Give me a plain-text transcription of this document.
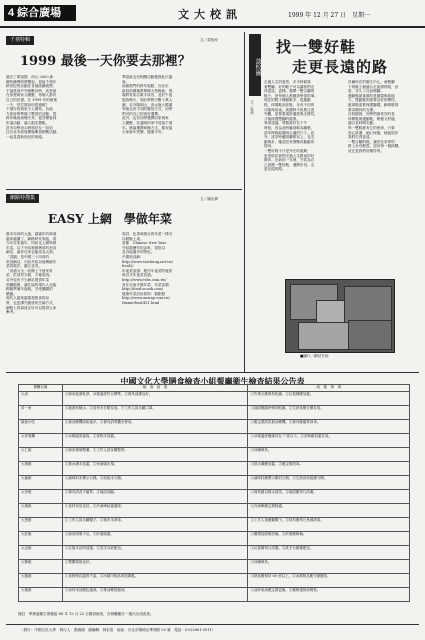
4 綜合廣場	文大校訊	1999 年 12 月 27 日　星期一
千禧特輯	文／黃怡玫
1999 最後一天你要去那裡？
過完了耶誕節，西元 2000 新
願的鐘聲即將響起，迎接千禧年
跨世紀的活動在各地陸續展開，
不論是到戶外倒數計時，或是留
在家裡與家人團聚，每個人都有
自己的計畫。在 1999 年的最後
一天，你打算如何度過呢？
千禧年的到來令人期待，各地
方政府都準備了豐富的活動，從
跨年晚會到煙火秀，從音樂會到
祈福活動，讓人眼花撩亂。
許多同學表示將與好友一同前
往台北市政府廣場參加倒數活動，
一起見證新世紀的來臨。
華語區也有相關活動邀我此次盛
會。
而最熱門的跨年地點，台北市
政府前廣場將舉辦大型晚會，現
場將有知名歌手演出，並於午夜
施放煙火，預計將吸引數十萬人
潮。另外陽明山、淡水漁人碼頭
等地也有不同的慶祝方式，同學
們可依自己的喜好選擇。
此外，也有同學選擇回家與家
人團聚，在溫暖的家中迎接千禧
年。無論選擇何種方式，都祝福
大家新年快樂，健康平安。
網路特搜集	文／謝弘偉
EASY 上網　學做年菜
歲末年終的大風，讓過年的味道
越來越濃了，網路時代來臨，看
今年在家過年，何妨也上網學做
年菜。以下介紹幾個實用的美食
網站，讓你在家也能成為大廚。
「香園」是中國三十四省的
美食網站，內容介紹各地傳統年
菜的做法，圖文並茂。
「食譜大全」收錄上千道家常
菜，依食材分類，方便查詢。
另外也有不少網站提供年菜
預購服務，讓忙碌的現代人也能
輕鬆準備年夜飯，享受團圓的
樂趣。
現代人越來越重視飲食的品
質，也更講究健康的烹調方式，
網路上的資訊正好可以提供大家
參考。
周詳，色香味俱全的年菜一樣可
以輕鬆上桌。
香節　Chinese New Year：
介紹農曆年的由來、習俗以
及各地過年的特色。
中國美食網：
http://www.taichung.net.tw/
food3/
年夜菜食譜：製作年夜菜的秘訣
與各式年夜菜食譜。
http://www.tvbs.com.tw/
食在自助手做年菜：年菜食譜
http://food.ucook.com/
健康年菜設計原則：糕點類
http://www.anway.com.tw/
theme/food/f21.html
談校園
文／吳萍
找一雙好鞋
走更長遠的路
走過人生的風景，多半時候靠
著雙腳，好的鞋子可以讓我們走
得更遠、更穩。選擇一雙合腳的
鞋子，是每個人都應該學習的事。
現在的鞋子種類繁多，從運動
鞋、休閒鞋到皮鞋，各有不同的
功能與用途。挑選時不但要注意
外觀，更要重視舒適度與支撐性，
才能保護雙腳的健康。
專家建議，買鞋最好在下午
時段，因為此時腳部略為腫脹，
試穿時較能選到合適的尺寸。此
外，試穿時應兩腳都穿上，並走
動幾步，確認沒有擠壓或鬆動的
情形。
一雙好鞋不只是外在的裝飾，
更是陪伴我們走過人生路途的好
夥伴。在新的一年裡，不妨為自
己挑選一雙好鞋，邁開步伐，走
更長遠的路。
貝爾所在的衛生中心，雨靴腳
下的鞋子最適合走泥濘的路，但
是，穿久了反而傷腳。
運動鞋最重要的是避震與抓地
力，慢跑鞋則需要良好的彈性。
籃球鞋需要保護腳踝，網球鞋則
要求側向的支撐。
在校園裡，同學們最常穿的是
休閒鞋與運動鞋，輕便又舒適，
適合長時間走動。
每一雙鞋都有它的使命，只要
用心挑選、細心保養，就能陪伴
我們走得更遠。
一雙合腳的鞋，讓你在求學的
路上步伐輕盈，迎向每一個挑戰，
這正是我們所期待的。
■圖片／網站介紹
中國文化大學膳食檢查小組餐廳衛生檢查結果公告表
餐廳名稱	檢　查　結　果	改　進　事　項
大成	①廚房地面乾淨，冰箱溫度符合標準。②餐具清潔良好。	①作業台應保持乾燥。②垃圾桶應加蓋。
帝一家	①地面有積水。②食材未分類存放。③工作人員未戴口罩。	①地面應隨時保持乾燥。②生熟食應分開存放。
綠意小吃	①抽油煙機油垢過多。②餐具消毒櫃未使用。	①應定期清洗抽油煙機。②餐具應確實消毒。
大家餐廳	①冰箱溫度過高。②食物未加蓋。	①冰箱溫度應維持在 7 度以下。②食物應加蓋存放。
大仁館	①廚房環境整潔。②工作人員穿戴整齊。	①持續保持。
大典館	①排水溝未加蓋。②有病媒出現。	①排水溝應加蓋。②應定期消毒。
大倫館	①調味料未標示日期。②砧板未分類。	①調味料應標示開封日期。②生熟食砧板應分開。
大孝館	①餐具清洗不確實。②地面油膩。	①餐具應以熱水清洗。②地面應每日清潔。
大義館	①食材存放良好。②冷凍庫結霜過厚。	①冷凍庫應定期除霜。
大恩館	①工作人員未戴帽子。②抹布未消毒。	①工作人員應戴帽子。②抹布應每日煮沸消毒。
大莊館	①廚房照明不足。②紗窗破損。	①應增加照明設備。②紗窗應修補。
大忠館	①垃圾未及時清運。②洗手台缺肥皂。	①垃圾應每日清運。②洗手台應備肥皂。
大賢館	①整體環境良好。	①持續保持。
大慈館	①食物保存溫度不當。②冰箱內物品堆放雜亂。	①熱食應保持 60 度以上。②冰箱物品應分類擺放。
大雅館	①油炸用油顏色過深。②排油煙管漏油。	①油炸用油應定期更換。②應修復排油煙管。
備註：學務處衛生保健組 88 年 12 月 22 日膳食檢查，各餐廳應於一週內完成改善。
（發行：中國文化大學　發行人：張鏡湖　總編輯：林彩雲　地址：台北市陽明山華岡路 55 號　電話：(02)2861-0511）
